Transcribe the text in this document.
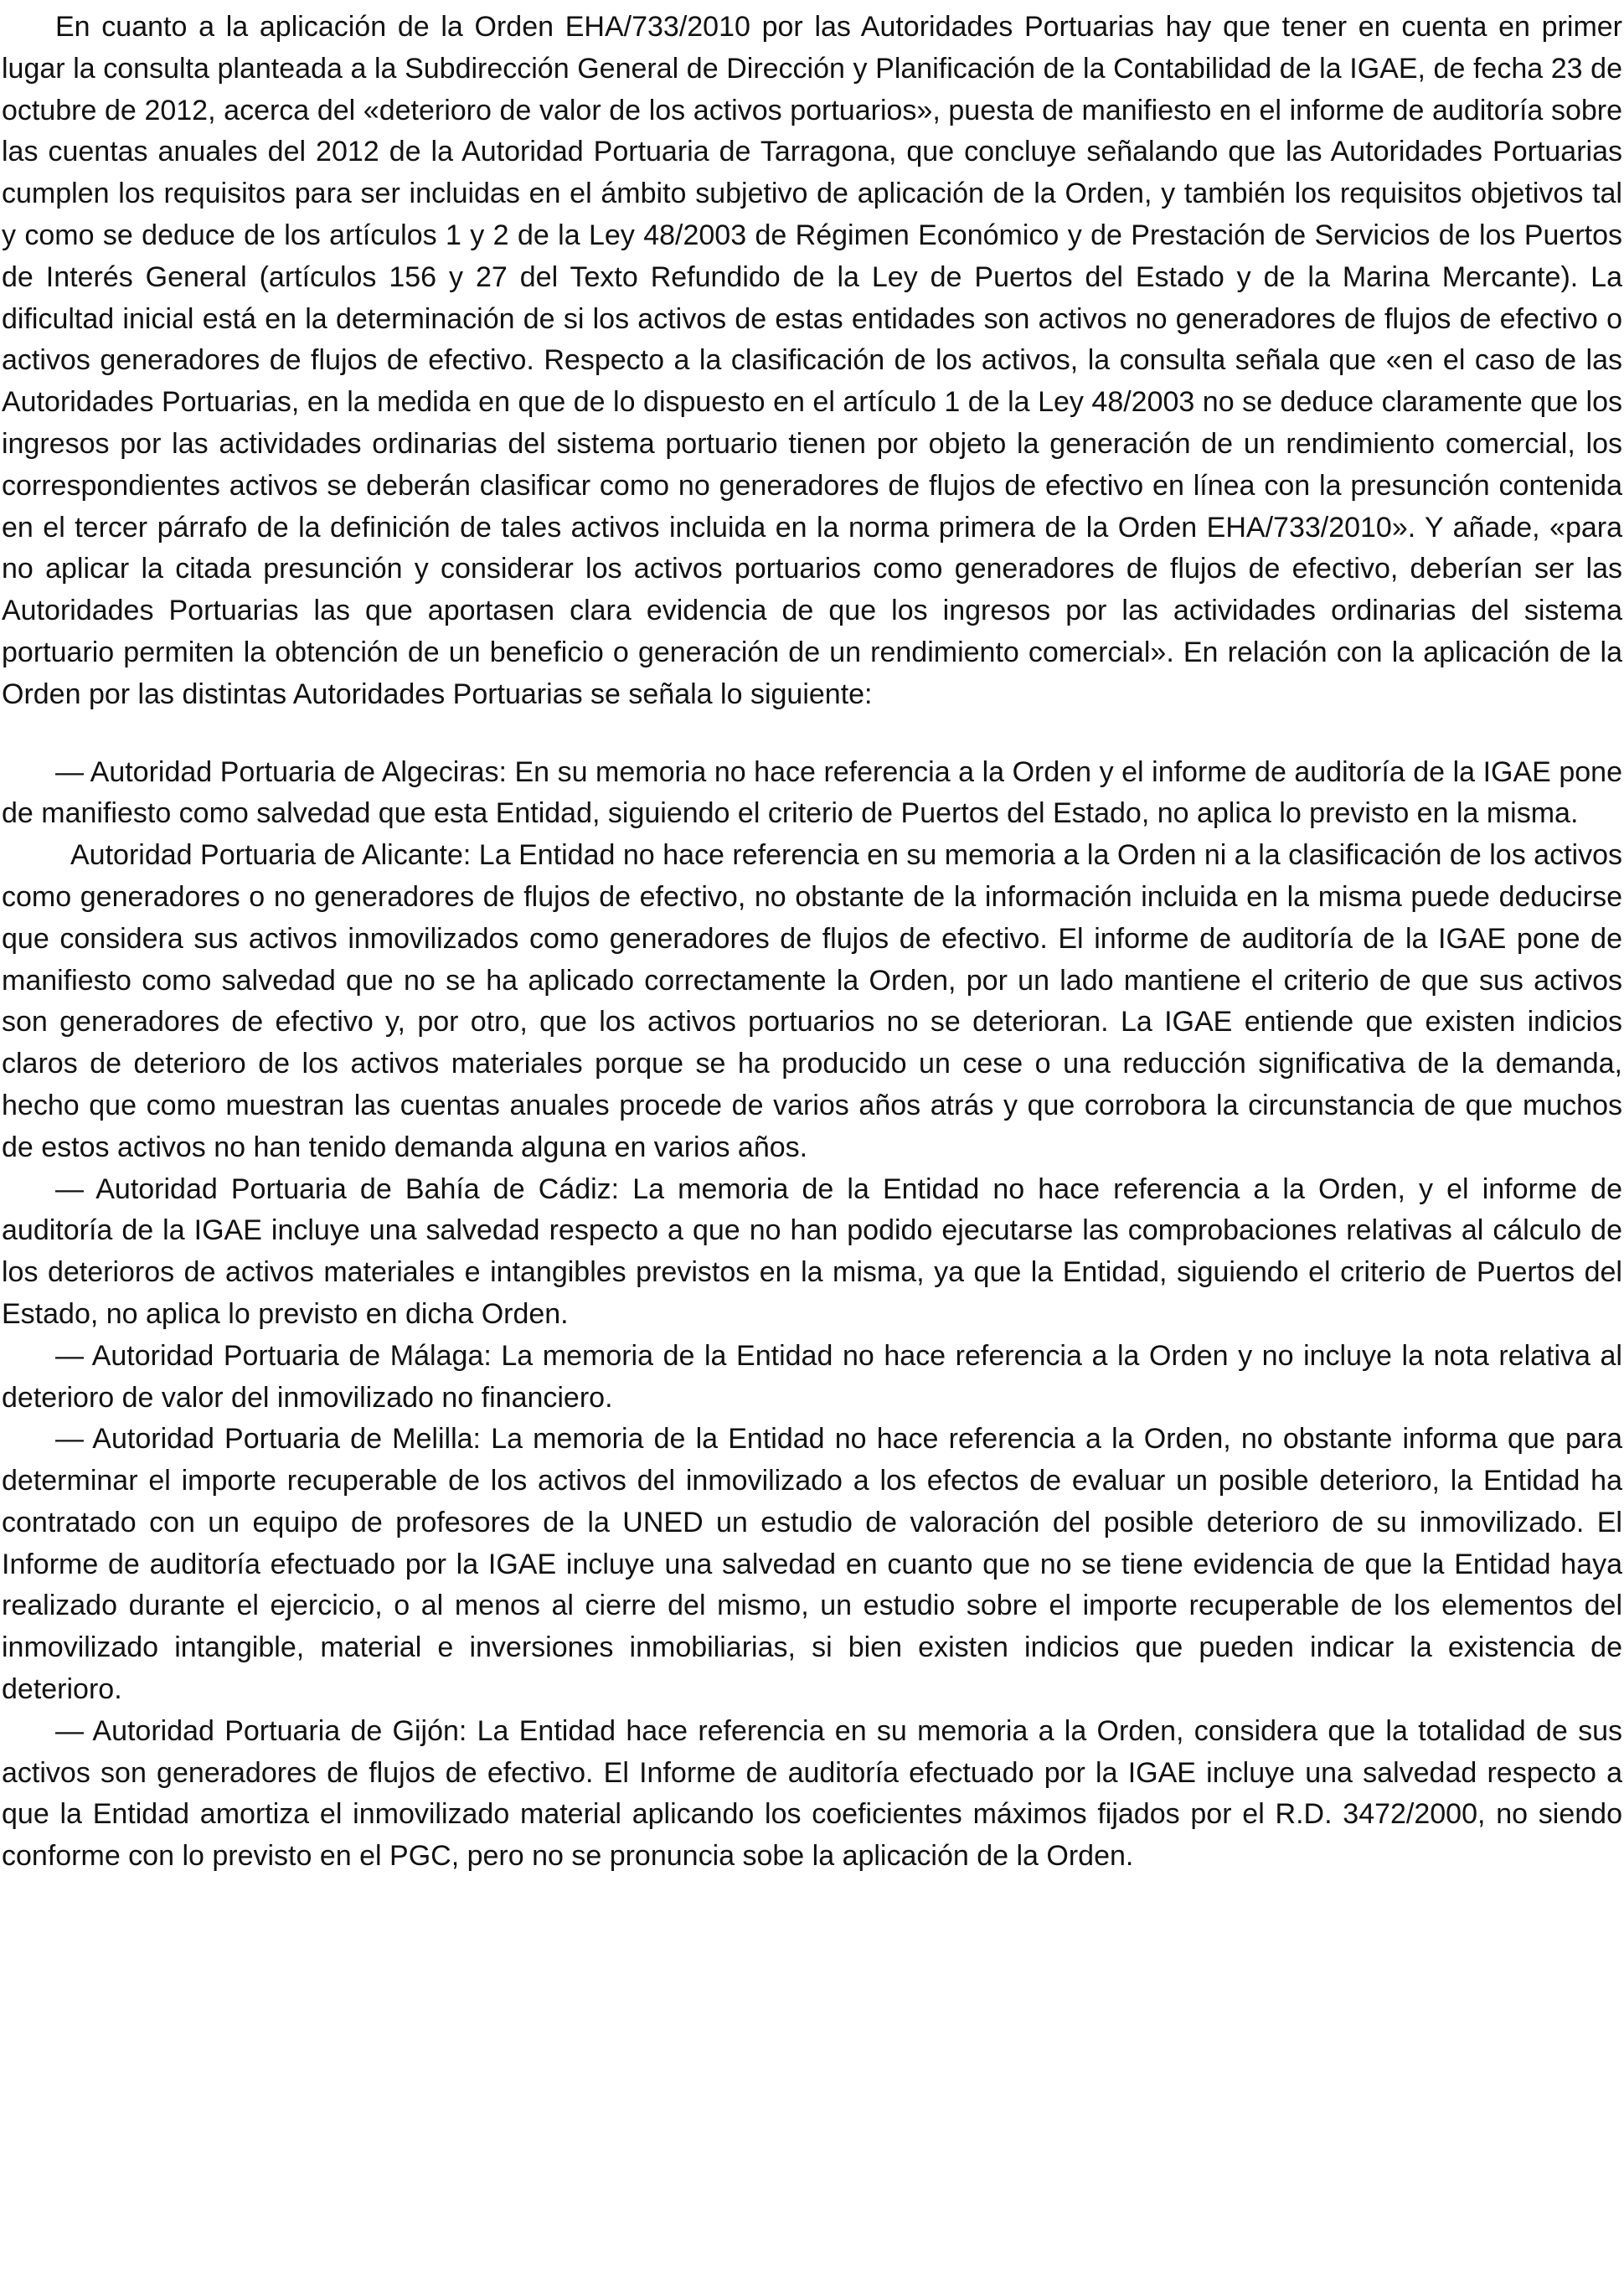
En cuanto a la aplicación de la Orden EHA/733/2010 por las Autoridades Portuarias hay que tener en cuenta en primer lugar la consulta planteada a la Subdirección General de Dirección y Planificación de la Contabilidad de la IGAE, de fecha 23 de octubre de 2012, acerca del «deterioro de valor de los activos portuarios», puesta de manifiesto en el informe de auditoría sobre las cuentas anuales del 2012 de la Autoridad Portuaria de Tarragona, que concluye señalando que las Autoridades Portuarias cumplen los requisitos para ser incluidas en el ámbito subjetivo de aplicación de la Orden, y también los requisitos objetivos tal y como se deduce de los artículos 1 y 2 de la Ley 48/2003 de Régimen Económico y de Prestación de Servicios de los Puertos de Interés General (artículos 156 y 27 del Texto Refundido de la Ley de Puertos del Estado y de la Marina Mercante). La dificultad inicial está en la determinación de si los activos de estas entidades son activos no generadores de flujos de efectivo o activos generadores de flujos de efectivo. Respecto a la clasificación de los activos, la consulta señala que «en el caso de las Autoridades Portuarias, en la medida en que de lo dispuesto en el artículo 1 de la Ley 48/2003 no se deduce claramente que los ingresos por las actividades ordinarias del sistema portuario tienen por objeto la generación de un rendimiento comercial, los correspondientes activos se deberán clasificar como no generadores de flujos de efectivo en línea con la presunción contenida en el tercer párrafo de la definición de tales activos incluida en la norma primera de la Orden EHA/733/2010». Y añade, «para no aplicar la citada presunción y considerar los activos portuarios como generadores de flujos de efectivo, deberían ser las Autoridades Portuarias las que aportasen clara evidencia de que los ingresos por las actividades ordinarias del sistema portuario permiten la obtención de un beneficio o generación de un rendimiento comercial». En relación con la aplicación de la Orden por las distintas Autoridades Portuarias se señala lo siguiente:

— Autoridad Portuaria de Algeciras: En su memoria no hace referencia a la Orden y el informe de auditoría de la IGAE pone de manifiesto como salvedad que esta Entidad, siguiendo el criterio de Puertos del Estado, no aplica lo previsto en la misma.

Autoridad Portuaria de Alicante: La Entidad no hace referencia en su memoria a la Orden ni a la clasificación de los activos como generadores o no generadores de flujos de efectivo, no obstante de la información incluida en la misma puede deducirse que considera sus activos inmovilizados como generadores de flujos de efectivo. El informe de auditoría de la IGAE pone de manifiesto como salvedad que no se ha aplicado correctamente la Orden, por un lado mantiene el criterio de que sus activos son generadores de efectivo y, por otro, que los activos portuarios no se deterioran. La IGAE entiende que existen indicios claros de deterioro de los activos materiales porque se ha producido un cese o una reducción significativa de la demanda, hecho que como muestran las cuentas anuales procede de varios años atrás y que corrobora la circunstancia de que muchos de estos activos no han tenido demanda alguna en varios años.

— Autoridad Portuaria de Bahía de Cádiz: La memoria de la Entidad no hace referencia a la Orden, y el informe de auditoría de la IGAE incluye una salvedad respecto a que no han podido ejecutarse las comprobaciones relativas al cálculo de los deterioros de activos materiales e intangibles previstos en la misma, ya que la Entidad, siguiendo el criterio de Puertos del Estado, no aplica lo previsto en dicha Orden.

— Autoridad Portuaria de Málaga: La memoria de la Entidad no hace referencia a la Orden y no incluye la nota relativa al deterioro de valor del inmovilizado no financiero.

— Autoridad Portuaria de Melilla: La memoria de la Entidad no hace referencia a la Orden, no obstante informa que para determinar el importe recuperable de los activos del inmovilizado a los efectos de evaluar un posible deterioro, la Entidad ha contratado con un equipo de profesores de la UNED un estudio de valoración del posible deterioro de su inmovilizado. El Informe de auditoría efectuado por la IGAE incluye una salvedad en cuanto que no se tiene evidencia de que la Entidad haya realizado durante el ejercicio, o al menos al cierre del mismo, un estudio sobre el importe recuperable de los elementos del inmovilizado intangible, material e inversiones inmobiliarias, si bien existen indicios que pueden indicar la existencia de deterioro.

— Autoridad Portuaria de Gijón: La Entidad hace referencia en su memoria a la Orden, considera que la totalidad de sus activos son generadores de flujos de efectivo. El Informe de auditoría efectuado por la IGAE incluye una salvedad respecto a que la Entidad amortiza el inmovilizado material aplicando los coeficientes máximos fijados por el R.D. 3472/2000, no siendo conforme con lo previsto en el PGC, pero no se pronuncia sobe la aplicación de la Orden.
